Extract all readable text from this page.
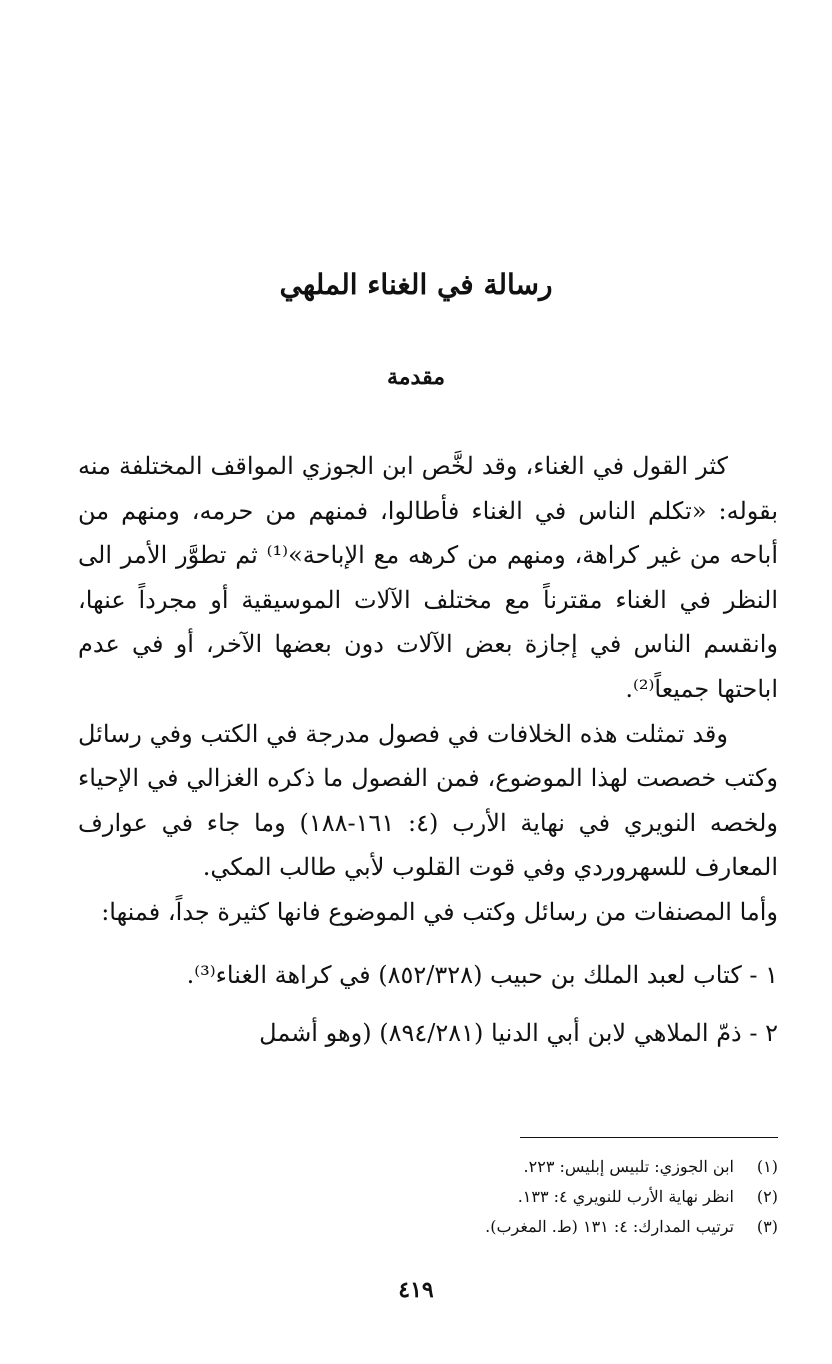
رسالة في الغناء الملهي
مقدمة

كثر القول في الغناء، وقد لخَّص ابن الجوزي المواقف المختلفة منه بقوله: «تكلم الناس في الغناء فأطالوا، فمنهم من حرمه، ومنهم من أباحه من غير كراهة، ومنهم من كرهه مع الإباحة»⁽¹⁾ ثم تطوَّر الأمر الى النظر في الغناء مقترناً مع مختلف الآلات الموسيقية أو مجرداً عنها، وانقسم الناس في إجازة بعض الآلات دون بعضها الآخر، أو في عدم اباحتها جميعاً⁽²⁾.

وقد تمثلت هذه الخلافات في فصول مدرجة في الكتب وفي رسائل وكتب خصصت لهذا الموضوع، فمن الفصول ما ذكره الغزالي في الإحياء ولخصه النويري في نهاية الأرب (٤: ١٦١-١٨٨) وما جاء في عوارف المعارف للسهروردي وفي قوت القلوب لأبي طالب المكي.

وأما المصنفات من رسائل وكتب في الموضوع فانها كثيرة جداً، فمنها:

١ - كتاب لعبد الملك بن حبيب (٨٥٢/٣٢٨) في كراهة الغناء⁽³⁾.

٢ - ذمّ الملاهي لابن أبي الدنيا (٨٩٤/٢٨١) (وهو أشمل

(١)
ابن الجوزي: تلبيس إبليس: ٢٢٣.
(٢)
انظر نهاية الأرب للنويري ٤: ١٣٣.
(٣)
ترتيب المدارك: ٤: ١٣١ (ط. المغرب).
٤١٩
